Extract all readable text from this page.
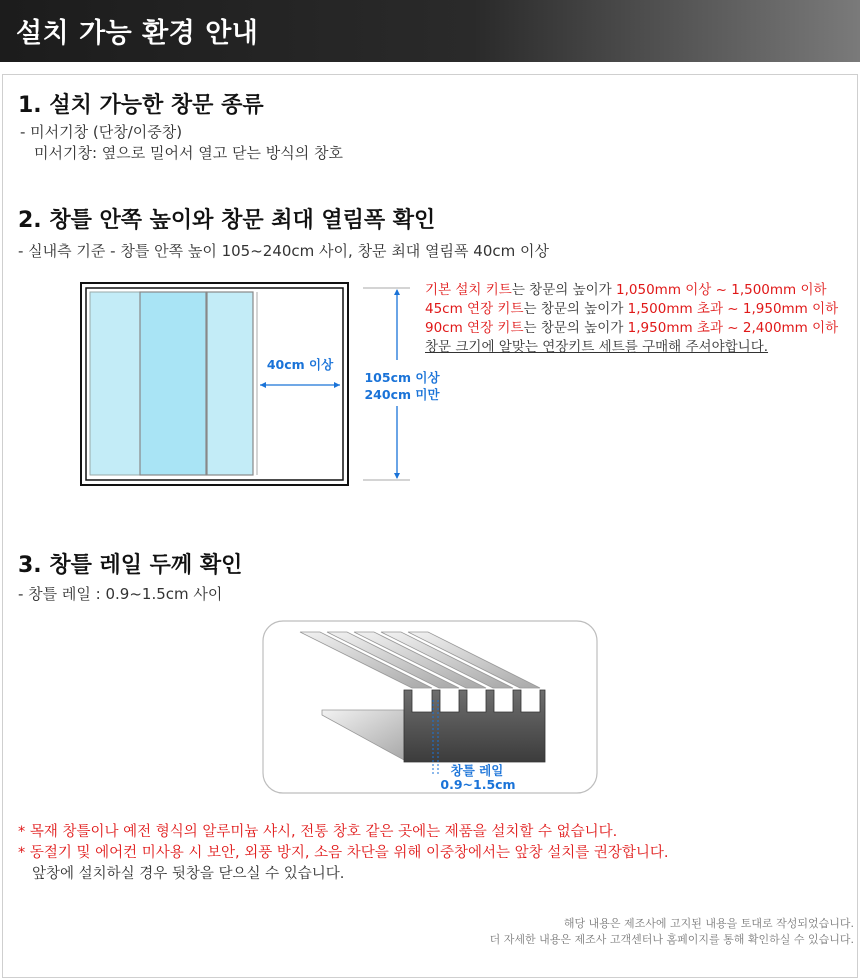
설치 가능 환경 안내
1. 설치 가능한 창문 종류
- 미서기창 (단창/이중창)
미서기창: 옆으로 밀어서 열고 닫는 방식의 창호
2. 창틀 안쪽 높이와 창문 최대 열림폭 확인
- 실내측 기준 - 창틀 안쪽 높이 105~240cm 사이, 창문 최대 열림폭 40cm 이상
40cm 이상
105cm 이상
240cm 미만
기본 설치 키트는 창문의 높이가 1,050mm 이상 ~ 1,500mm 이하
45cm 연장 키트는 창문의 높이가 1,500mm 초과 ~ 1,950mm 이하
90cm 연장 키트는 창문의 높이가 1,950mm 초과 ~ 2,400mm 이하
창문 크기에 알맞는 연장키트 세트를 구매해 주셔야합니다.
3. 창틀 레일 두께 확인
- 창틀 레일 : 0.9~1.5cm 사이
창틀 레일
0.9~1.5cm
* 목재 창틀이나 예전 형식의 알루미늄 샤시, 전통 창호 같은 곳에는 제품을 설치할 수 없습니다.
* 동절기 및 에어컨 미사용 시 보안, 외풍 방지, 소음 차단을 위해 이중창에서는 앞창 설치를 권장합니다.
앞창에 설치하실 경우 뒷창을 닫으실 수 있습니다.
해당 내용은 제조사에 고지된 내용을 토대로 작성되었습니다.
더 자세한 내용은 제조사 고객센터나 홈페이지를 통해 확인하실 수 있습니다.
